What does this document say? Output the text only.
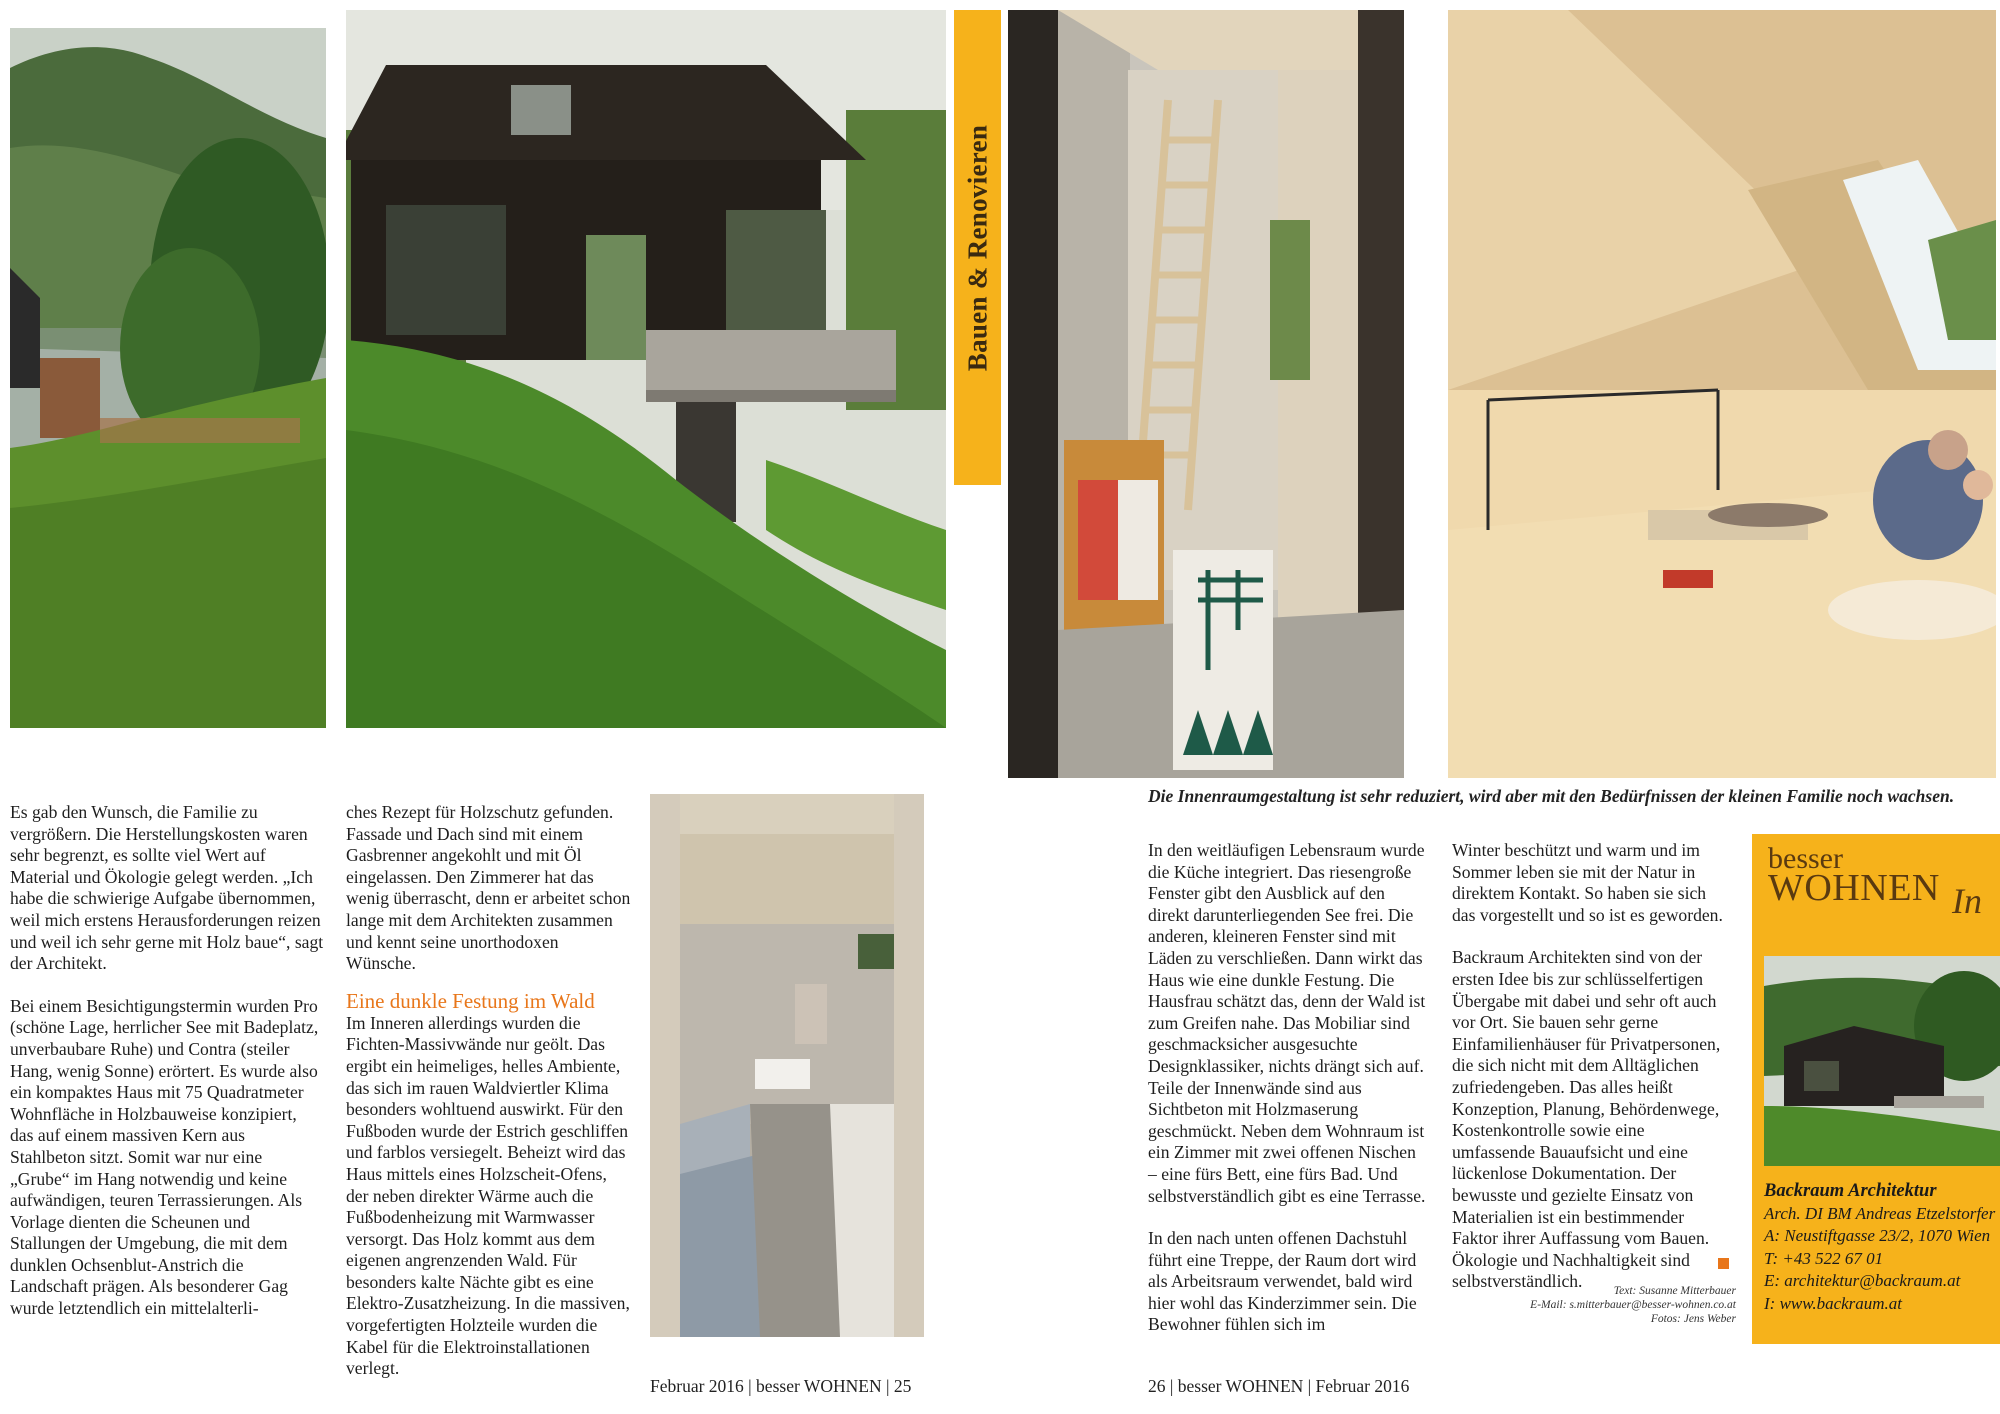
Bauen & Renovieren

Es gab den Wunsch, die Familie zu vergrößern. Die Herstellungskosten waren sehr begrenzt, es sollte viel Wert auf Material und Ökologie gelegt werden. „Ich habe die schwierige Aufgabe übernommen, weil mich erstens Herausforderungen reizen und weil ich sehr gerne mit Holz baue“, sagt der Architekt.

Bei einem Besichtigungstermin wurden Pro (schöne Lage, herrlicher See mit Badeplatz, unverbaubare Ruhe) und Contra (steiler Hang, wenig Sonne) erörtert. Es wurde also ein kompaktes Haus mit 75 Quadratmeter Wohnfläche in Holzbauweise konzipiert, das auf einem massiven Kern aus Stahlbeton sitzt. Somit war nur eine „Grube“ im Hang notwendig und keine aufwändigen, teuren Terrassierungen. Als Vorlage dienten die Scheunen und Stallungen der Umgebung, die mit dem dunklen Ochsenblut-Anstrich die Landschaft prägen. Als besonderer Gag wurde letztendlich ein mittelalterli-

ches Rezept für Holzschutz gefunden. Fassade und Dach sind mit einem Gasbrenner angekohlt und mit Öl eingelassen. Den Zimmerer hat das wenig überrascht, denn er arbeitet schon lange mit dem Architekten zusammen und kennt seine unorthodoxen Wünsche.

Eine dunkle Festung im Wald

Im Inneren allerdings wurden die Fichten-Massivwände nur geölt. Das ergibt ein heimeliges, helles Ambiente, das sich im rauen Waldviertler Klima besonders wohltuend auswirkt. Für den Fußboden wurde der Estrich geschliffen und farblos versiegelt. Beheizt wird das Haus mittels eines Holzscheit-Ofens, der neben direkter Wärme auch die Fußbodenheizung mit Warmwasser versorgt. Das Holz kommt aus dem eigenen angrenzenden Wald. Für besonders kalte Nächte gibt es eine Elektro-Zusatzheizung. In die massiven, vorgefertigten Holzteile wurden die Kabel für die Elektroinstallationen verlegt.

Februar 2016 | besser WOHNEN | 25
Die Innenraumgestaltung ist sehr reduziert, wird aber mit den Bedürfnissen der kleinen Familie noch wachsen.

In den weitläufigen Lebensraum wurde die Küche integriert. Das riesengroße Fenster gibt den Ausblick auf den direkt darunterliegenden See frei. Die anderen, kleineren Fenster sind mit Läden zu verschließen. Dann wirkt das Haus wie eine dunkle Festung. Die Hausfrau schätzt das, denn der Wald ist zum Greifen nahe. Das Mobiliar sind geschmacksicher ausgesuchte Designklassiker, nichts drängt sich auf. Teile der Innenwände sind aus Sichtbeton mit Holzmaserung geschmückt. Neben dem Wohnraum ist ein Zimmer mit zwei offenen Nischen – eine fürs Bett, eine fürs Bad. Und selbstverständlich gibt es eine Terrasse.

In den nach unten offenen Dachstuhl führt eine Treppe, der Raum dort wird als Arbeitsraum verwendet, bald wird hier wohl das Kinderzimmer sein. Die Bewohner fühlen sich im

Winter beschützt und warm und im Sommer leben sie mit der Natur in direktem Kontakt. So haben sie sich das vorgestellt und so ist es geworden.

Backraum Architekten sind von der ersten Idee bis zur schlüsselfertigen Übergabe mit dabei und sehr oft auch vor Ort. Sie bauen sehr gerne Einfamilienhäuser für Privatpersonen, die sich nicht mit dem Alltäglichen zufriedengeben. Das alles heißt Konzeption, Planung, Behördenwege, Kostenkontrolle sowie eine umfassende Bauaufsicht und eine lückenlose Dokumentation. Der bewusste und gezielte Einsatz von Materialien ist ein bestimmender Faktor ihrer Auffassung vom Bauen. Ökologie und Nachhaltigkeit sind selbstverständlich.	Text: Susanne Mitterbauer
E-Mail: s.mitterbauer@besser-wohnen.co.at
Fotos: Jens Weber
26 | besser WOHNEN | Februar 2016
besser
WOHNEN In
Backraum Architektur
Arch. DI BM Andreas Etzelstorfer
A: Neustiftgasse 23/2, 1070 Wien
T: +43 522 67 01
E: architektur@backraum.at
I: www.backraum.at
